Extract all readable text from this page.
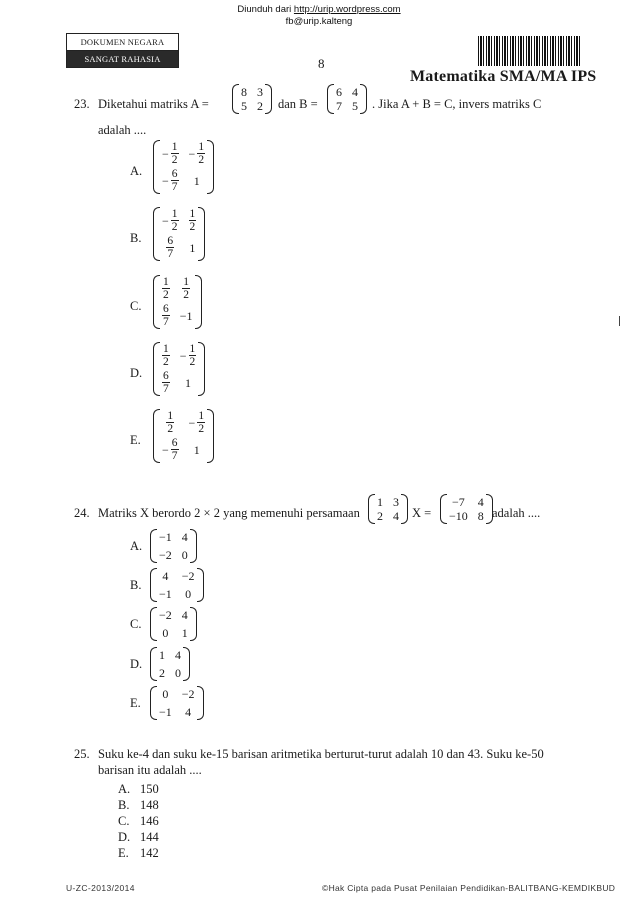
Diunduh dari http://urip.wordpress.com
fb@urip.kalteng
DOKUMEN NEGARA
SANGAT RAHASIA	8
Matematika SMA/MA IPS
23. Diketahui matriks A =
8 3
5 2 dan B =
6 4
7 5 . Jika A + B = C, invers matriks C
adalah ....
A.
− $\frac{1}{2} - \frac{1}{2}$
− $\frac{6}{7} 1$
B.
− $\frac{1}{2} \frac{1}{2}$
$\frac{6}{7} 1$
C.
$\frac{1}{2} \frac{1}{2}$
$\frac{6}{7} -1$
D.
$\frac{1}{2} - \frac{1}{2}$
$\frac{6}{7} 1$
E.
$\frac{1}{2} - \frac{1}{2}$
− $\frac{6}{7} 1$
24. Matriks X berordo 2 × 2 yang memenuhi persamaan
1 3
2 4 X =
−7 4
−10 8 adalah ....
A.
−1 4
−2 0
B.
4 −2
−1 0
C.
−2 4
0 1
D.
1 4
2 0
E.
0 −2
−1 4
25. Suku ke-4 dan suku ke-15 barisan aritmetika berturut-turut adalah 10 dan 43. Suku ke-50
barisan itu adalah ....
A. 150
B. 148
C. 146
D. 144
E. 142
U-ZC-2013/2014	©Hak Cipta pada Pusat Penilaian Pendidikan-BALITBANG-KEMDIKBUD
